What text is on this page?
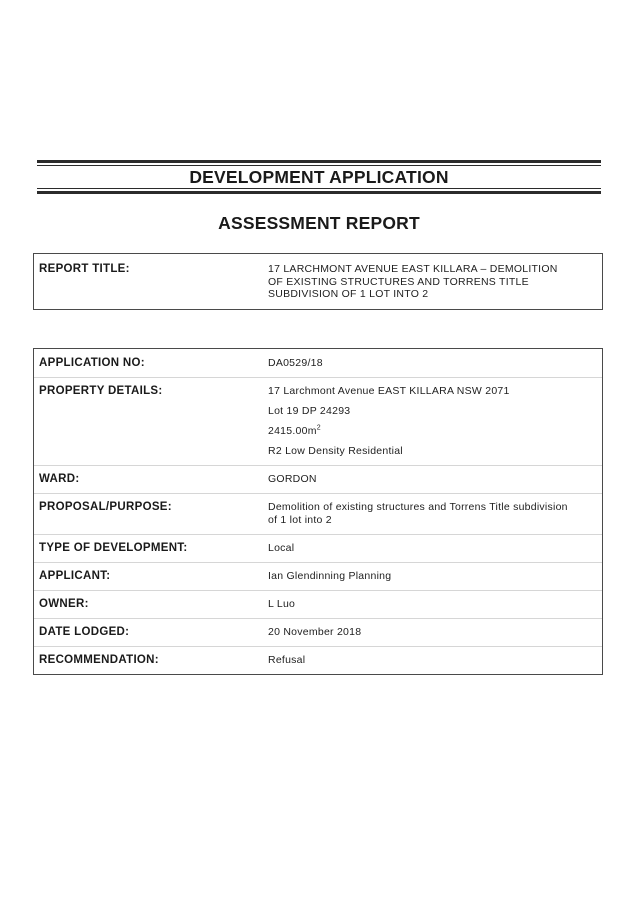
DEVELOPMENT APPLICATION
ASSESSMENT REPORT
REPORT TITLE:	17 LARCHMONT AVENUE EAST KILLARA – DEMOLITION
OF EXISTING STRUCTURES AND TORRENS TITLE
SUBDIVISION OF 1 LOT INTO 2
APPLICATION NO:	DA0529/18
PROPERTY DETAILS:	17 Larchmont Avenue EAST KILLARA NSW 2071
Lot 19 DP 24293
$2415.00m^2$
R2 Low Density Residential
WARD:	GORDON
PROPOSAL/PURPOSE:	Demolition of existing structures and Torrens Title subdivision
of 1 lot into 2
TYPE OF DEVELOPMENT:	Local
APPLICANT:	Ian Glendinning Planning
OWNER:	L Luo
DATE LODGED:	20 November 2018
RECOMMENDATION:	Refusal
